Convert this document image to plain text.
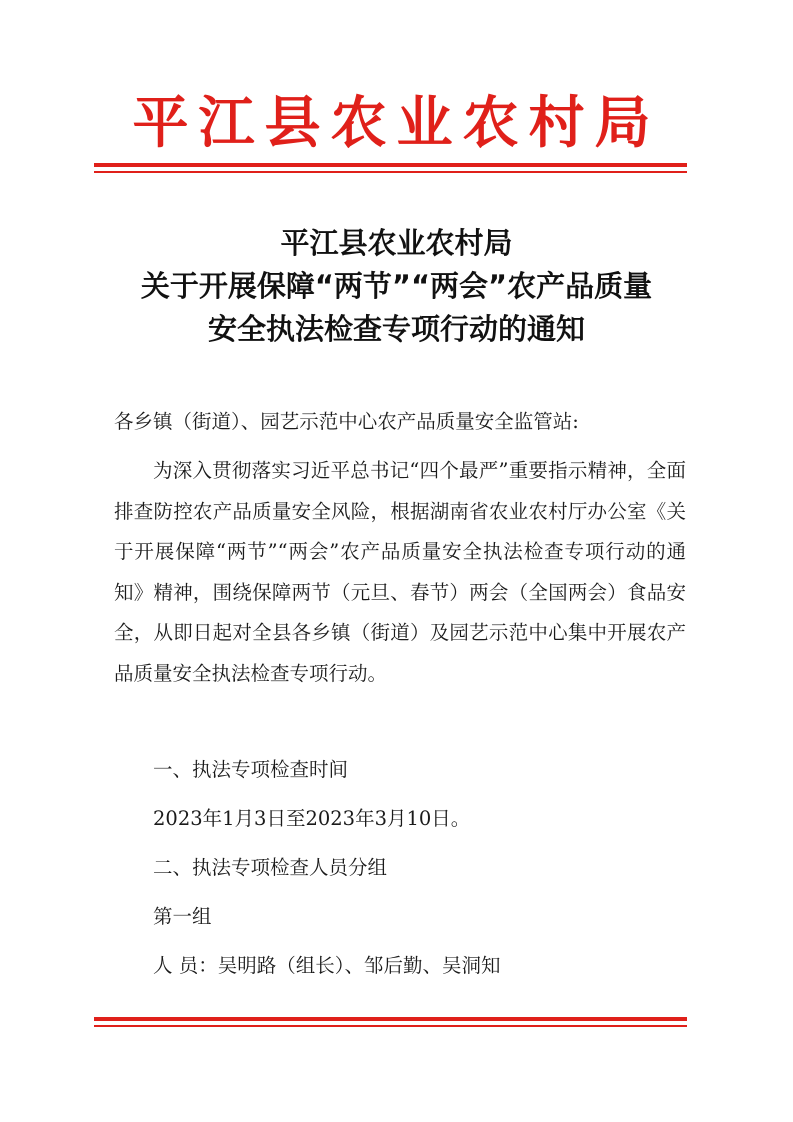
平江县农业农村局
平江县农业农村局
关于开展保障“两节”“两会”农产品质量
安全执法检查专项行动的通知
各乡镇（街道）、园艺示范中心农产品质量安全监管站:
为深入贯彻落实习近平总书记“四个最严”重要指示精神，全面排查防控农产品质量安全风险，根据湖南省农业农村厅办公室《关于开展保障“两节”“两会”农产品质量安全执法检查专项行动的通知》精神，围绕保障两节（元旦、春节）两会（全国两会）食品安全，从即日起对全县各乡镇（街道）及园艺示范中心集中开展农产品质量安全执法检查专项行动。
一、执法专项检查时间
2023年1月3日至2023年3月10日。
二、执法专项检查人员分组
第一组
人 员：吴明路（组长）、邹后勤、吴洞知
